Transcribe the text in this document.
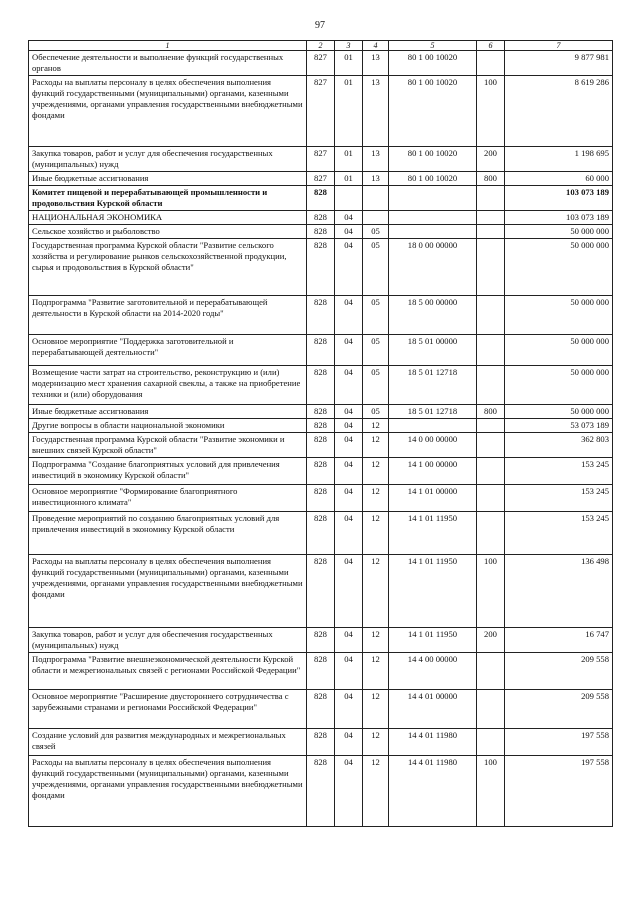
97
1	2	3	4	5	6	7
Обеспечение деятельности и выполнение функций государственных органов	827	01	13	80 1 00 10020		9 877 981
Расходы на выплаты персоналу в целях обеспечения выполнения функций государственными (муниципальными) органами, казенными учреждениями, органами управления государственными внебюджетными фондами	827	01	13	80 1 00 10020	100	8 619 286
Закупка товаров, работ и услуг для обеспечения государственных (муниципальных) нужд	827	01	13	80 1 00 10020	200	1 198 695
Иные бюджетные ассигнования	827	01	13	80 1 00 10020	800	60 000
Комитет пищевой и перерабатывающей промышленности и продовольствия Курской области	828					103 073 189
НАЦИОНАЛЬНАЯ ЭКОНОМИКА	828	04				103 073 189
Сельское хозяйство и рыболовство	828	04	05			50 000 000
Государственная программа Курской области "Развитие сельского хозяйства и регулирование рынков сельскохозяйственной продукции, сырья и продовольствия в Курской области"	828	04	05	18 0 00 00000		50 000 000
Подпрограмма "Развитие заготовительной и перерабатывающей деятельности в Курской области на 2014-2020 годы"	828	04	05	18 5 00 00000		50 000 000
Основное мероприятие "Поддержка заготовительной и перерабатывающей деятельности"	828	04	05	18 5 01 00000		50 000 000
Возмещение части затрат на строительство, реконструкцию и (или) модернизацию мест хранения сахарной свеклы, а также на приобретение техники и (или) оборудования	828	04	05	18 5 01 12718		50 000 000
Иные бюджетные ассигнования	828	04	05	18 5 01 12718	800	50 000 000
Другие вопросы в области национальной экономики	828	04	12			53 073 189
Государственная программа Курской области "Развитие экономики и внешних связей Курской области"	828	04	12	14 0 00 00000		362 803
Подпрограмма "Создание благоприятных условий для привлечения инвестиций в экономику Курской области"	828	04	12	14 1 00 00000		153 245
Основное мероприятие "Формирование благоприятного инвестиционного климата"	828	04	12	14 1 01 00000		153 245
Проведение мероприятий по созданию благоприятных условий для привлечения инвестиций в экономику Курской области	828	04	12	14 1 01 11950		153 245
Расходы на выплаты персоналу в целях обеспечения выполнения функций государственными (муниципальными) органами, казенными учреждениями, органами управления государственными внебюджетными фондами	828	04	12	14 1 01 11950	100	136 498
Закупка товаров, работ и услуг для обеспечения государственных (муниципальных) нужд	828	04	12	14 1 01 11950	200	16 747
Подпрограмма "Развитие внешнеэкономической деятельности Курской области и межрегиональных связей с регионами Российской Федерации"	828	04	12	14 4 00 00000		209 558
Основное мероприятие "Расширение двустороннего сотрудничества с зарубежными странами и регионами Российской Федерации"	828	04	12	14 4 01 00000		209 558
Создание условий для развития международных и межрегиональных связей	828	04	12	14 4 01 11980		197 558
Расходы на выплаты персоналу в целях обеспечения выполнения функций государственными (муниципальными) органами, казенными учреждениями, органами управления государственными внебюджетными фондами	828	04	12	14 4 01 11980	100	197 558
